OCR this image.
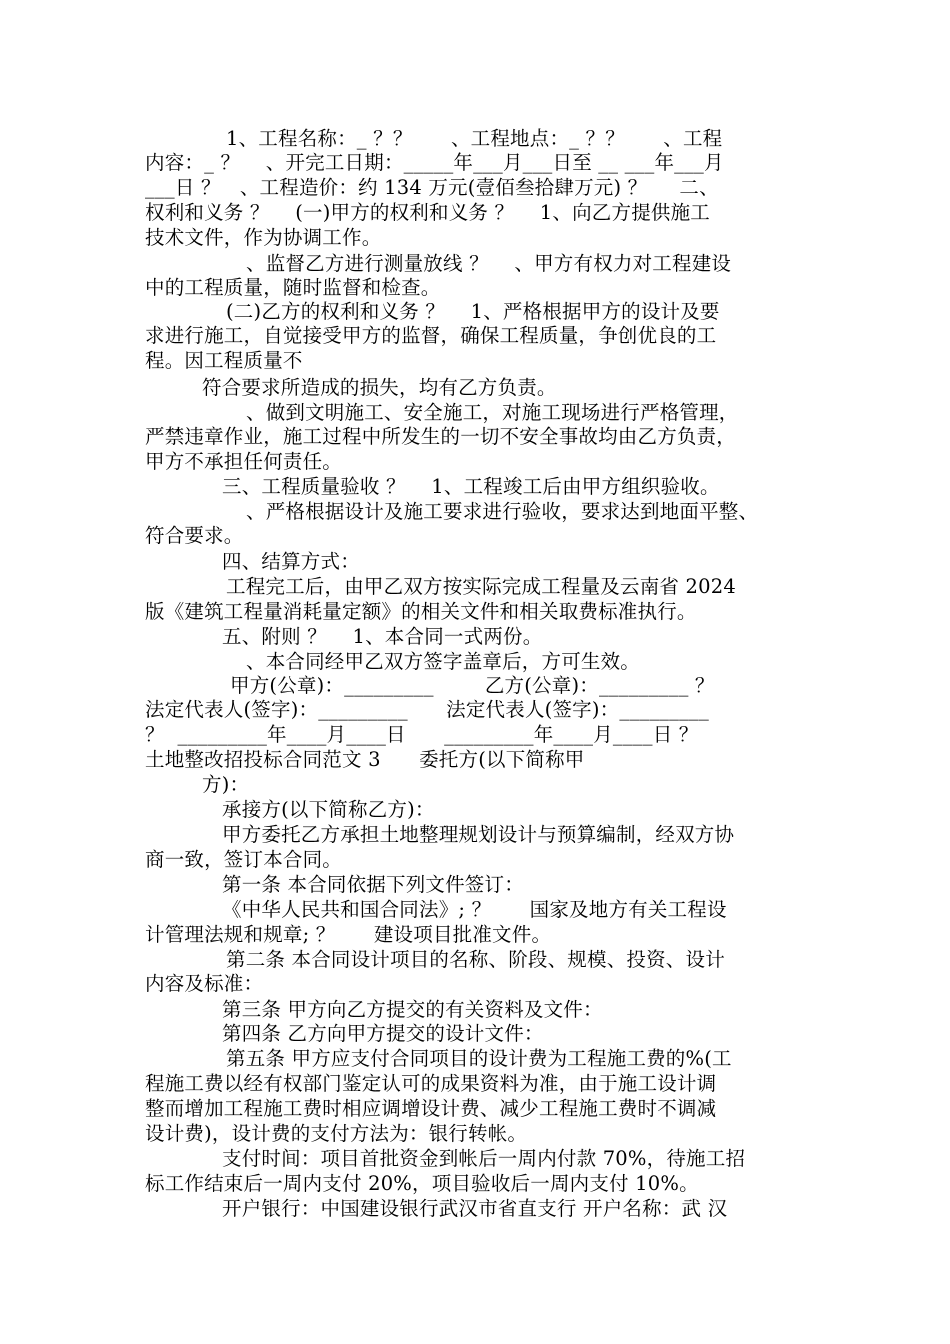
1、工程名称：_ ？？      、工程地点：_ ？？      、工程
内容：_ ？    、开完工日期：_____年___月___日至 __ ___年___月
___日 ？   、工程造价：约 134 万元(壹佰叁拾肆万元) ？     二、
权利和义务 ？    (一)甲方的权利和义务 ？    1、向乙方提供施工
技术文件，作为协调工作。
、监督乙方进行测量放线 ？    、甲方有权力对工程建设
中的工程质量，随时监督和检查。
(二)乙方的权利和义务 ？    1、严格根据甲方的设计及要
求进行施工，自觉接受甲方的监督，确保工程质量，争创优良的工
程。因工程质量不
符合要求所造成的损失，均有乙方负责。
、做到文明施工、安全施工，对施工现场进行严格管理，
严禁违章作业，施工过程中所发生的一切不安全事故均由乙方负责，
甲方不承担任何责任。
三、工程质量验收 ？    1、工程竣工后由甲方组织验收。
、严格根据设计及施工要求进行验收，要求达到地面平整、
符合要求。
四、结算方式：
工程完工后，由甲乙双方按实际完成工程量及云南省 2024
版《建筑工程量消耗量定额》的相关文件和相关取费标准执行。
五、附则 ？    1、本合同一式两份。
、本合同经甲乙双方签字盖章后，方可生效。
甲方(公章)：_________        乙方(公章)：_________ ？
法定代表人(签字)：_________      法定代表人(签字)：_________
？  _________年____月____日      _________年____月____日 ？
土地整改招投标合同范文 3      委托方(以下简称甲
方)：
承接方(以下简称乙方)：
甲方委托乙方承担土地整理规划设计与预算编制，经双方协
商一致，签订本合同。
第一条 本合同依据下列文件签订：
《中华人民共和国合同法》; ？      国家及地方有关工程设
计管理法规和规章; ？      建设项目批准文件。
第二条 本合同设计项目的名称、阶段、规模、投资、设计
内容及标准：
第三条 甲方向乙方提交的有关资料及文件：
第四条 乙方向甲方提交的设计文件：
第五条 甲方应支付合同项目的设计费为工程施工费的%(工
程施工费以经有权部门鉴定认可的成果资料为准，由于施工设计调
整而增加工程施工费时相应调增设计费、减少工程施工费时不调减
设计费)，设计费的支付方法为：银行转帐。
支付时间：项目首批资金到帐后一周内付款 70%，待施工招
标工作结束后一周内支付 20%，项目验收后一周内支付 10%。
开户银行：中国建设银行武汉市省直支行 开户名称：武 汉
